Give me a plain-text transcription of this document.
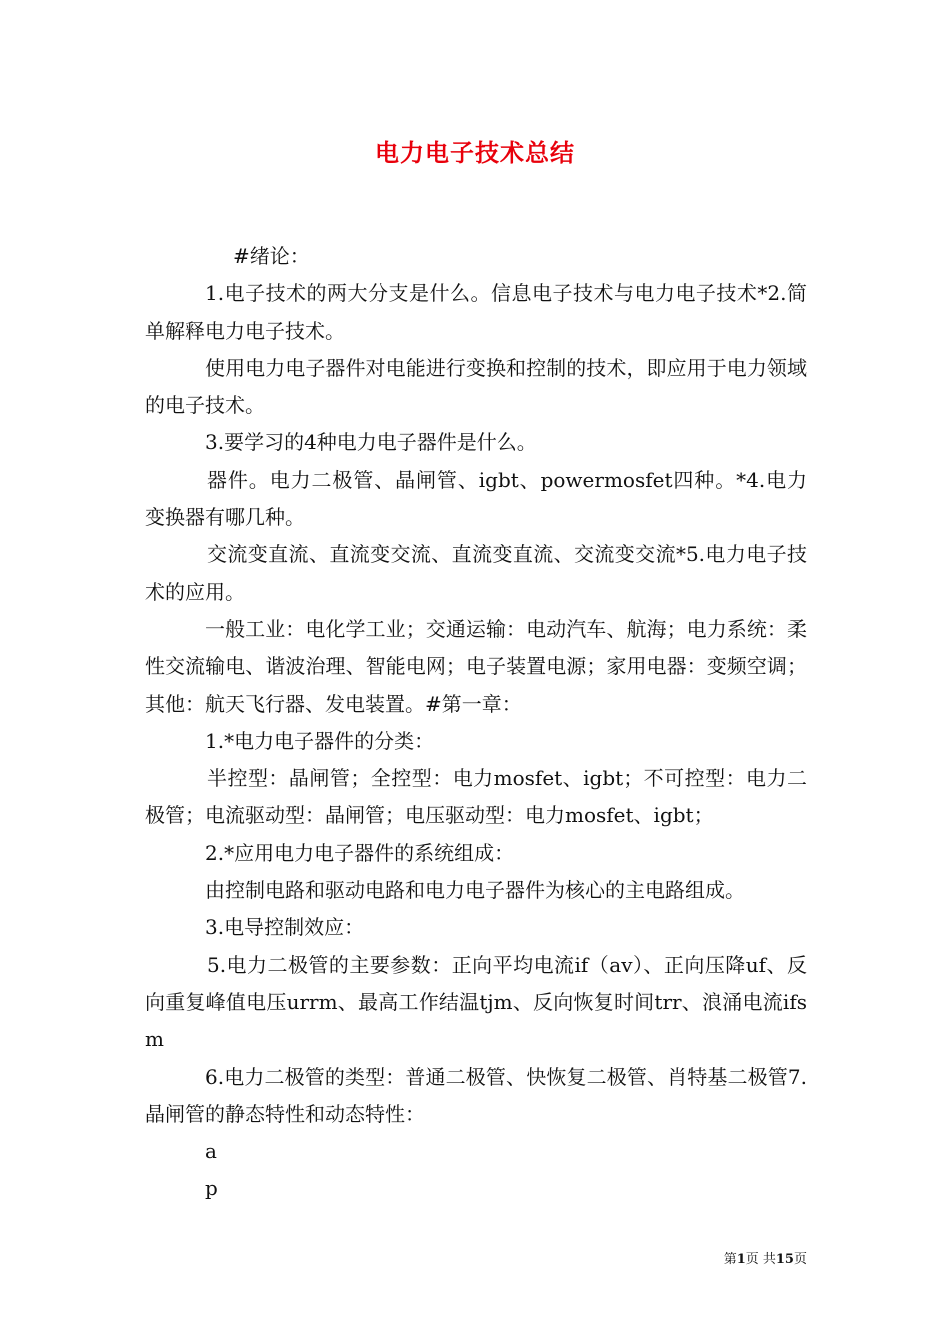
电力电子技术总结

#绪论：

1.电子技术的两大分支是什么。信息电子技术与电力电子技术*2.简单解释电力电子技术。

使用电力电子器件对电能进行变换和控制的技术，即应用于电力领域的电子技术。

3.要学习的4种电力电子器件是什么。

器件。电力二极管、晶闸管、igbt、powermosfet四种。*4.电力变换器有哪几种。

交流变直流、直流变交流、直流变直流、交流变交流*5.电力电子技术的应用。

一般工业：电化学工业；交通运输：电动汽车、航海；电力系统：柔性交流输电、谐波治理、智能电网；电子装置电源；家用电器：变频空调；其他：航天飞行器、发电装置。#第一章：

1.*电力电子器件的分类：

半控型：晶闸管；全控型：电力mosfet、igbt；不可控型：电力二极管；电流驱动型：晶闸管；电压驱动型：电力mosfet、igbt；

2.*应用电力电子器件的系统组成：

由控制电路和驱动电路和电力电子器件为核心的主电路组成。

3.电导控制效应：

5.电力二极管的主要参数：正向平均电流if（av）、正向压降uf、反向重复峰值电压urrm、最高工作结温tjm、反向恢复时间trr、浪涌电流ifsm

6.电力二极管的类型：普通二极管、快恢复二极管、肖特基二极管7.晶闸管的静态特性和动态特性：

a

p

第1页 共15页
